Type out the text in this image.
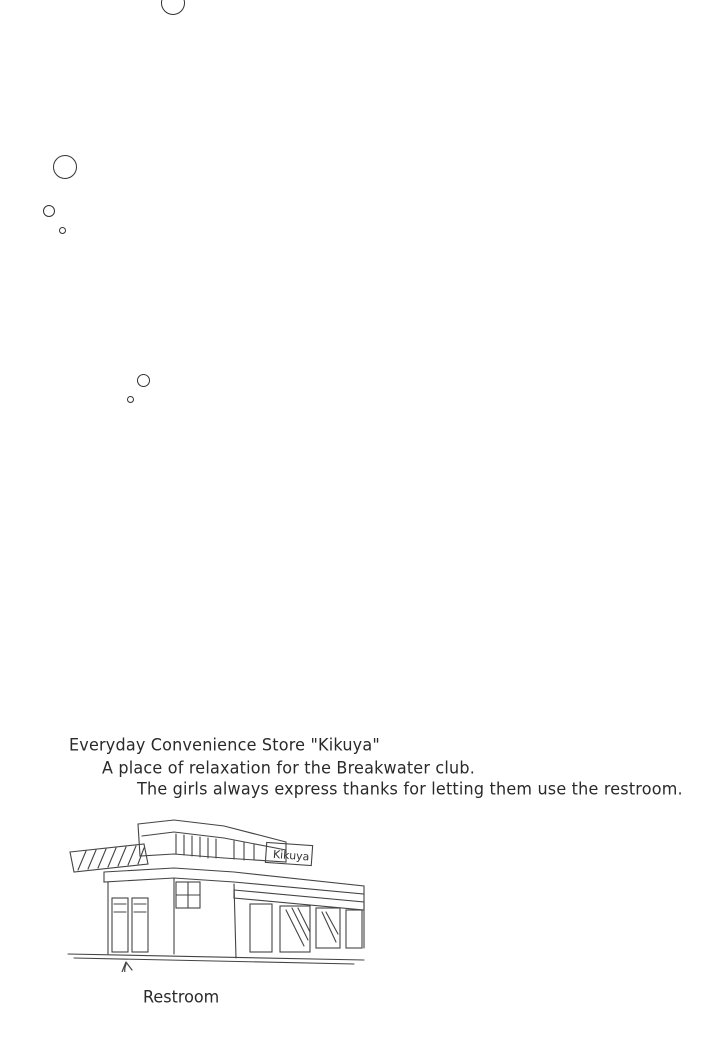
Everyday Convenience Store "Kikuya"
A place of relaxation for the Breakwater club.
The girls always express thanks for letting them use the restroom.
Kikuya
Restroom
